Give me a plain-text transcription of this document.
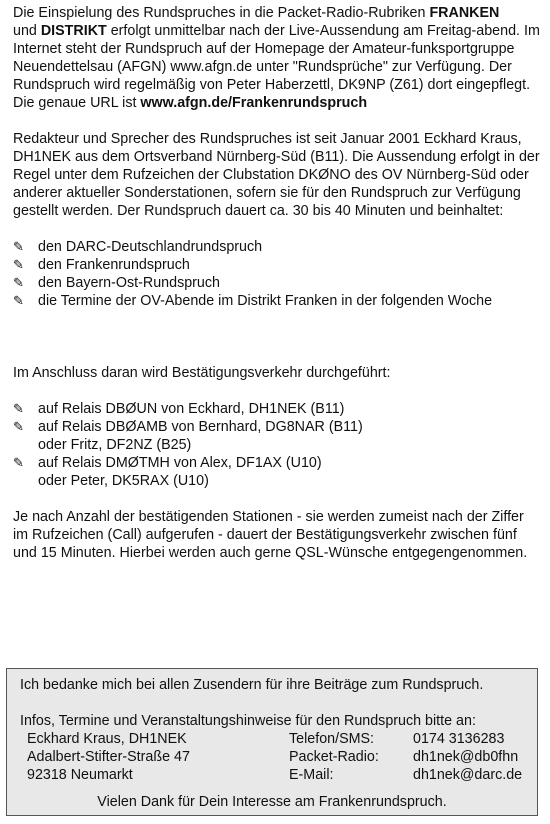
Die Einspielung des Rundspruches in die Packet-Radio-Rubriken FRANKEN
und DISTRIKT erfolgt unmittelbar nach der Live-Aussendung am Freitag-abend. Im Internet steht der Rundspruch auf der Homepage der Amateur-funksportgruppe Neuendettelsau (AFGN) www.afgn.de unter "Rundsprüche" zur Verfügung. Der Rundspruch wird regelmäßig von Peter Haberzettl, DK9NP (Z61) dort eingepflegt.
Die genaue URL ist www.afgn.de/Frankenrundspruch

Redakteur und Sprecher des Rundspruches ist seit Januar 2001 Eckhard Kraus, DH1NEK aus dem Ortsverband Nürnberg-Süd (B11). Die Aussendung erfolgt in der Regel unter dem Rufzeichen der Clubstation DKØNO des OV Nürnberg-Süd oder anderer aktueller Sonderstationen, sofern sie für den Rundspruch zur Verfügung gestellt werden. Der Rundspruch dauert ca. 30 bis 40 Minuten und beinhaltet:

✎ den DARC-Deutschlandrundspruch
✎ den Frankenrundspruch
✎ den Bayern-Ost-Rundspruch
✎ die Termine der OV-Abende im Distrikt Franken in der folgenden Woche

Im Anschluss daran wird Bestätigungsverkehr durchgeführt:

✎ auf Relais DBØUN von Eckhard, DH1NEK (B11)
✎ auf Relais DBØAMB von Bernhard, DG8NAR (B11)
oder Fritz, DF2NZ (B25)
✎ auf Relais DMØTMH von Alex, DF1AX (U10)
oder Peter, DK5RAX (U10)

Je nach Anzahl der bestätigenden Stationen - sie werden zumeist nach der Ziffer im Rufzeichen (Call) aufgerufen - dauert der Bestätigungsverkehr zwischen fünf und 15 Minuten. Hierbei werden auch gerne QSL-Wünsche entgegengenommen.

Ich bedanke mich bei allen Zusendern für ihre Beiträge zum Rundspruch.
Infos, Termine und Veranstaltungshinweise für den Rundspruch bitte an:
Eckhard Kraus, DH1NEK	Telefon/SMS:	0174 3136283
Adalbert-Stifter-Straße 47	Packet-Radio: dh1nek@db0fhn
92318 Neumarkt	E-Mail:	dh1nek@darc.de
Vielen Dank für Dein Interesse am Frankenrundspruch.
